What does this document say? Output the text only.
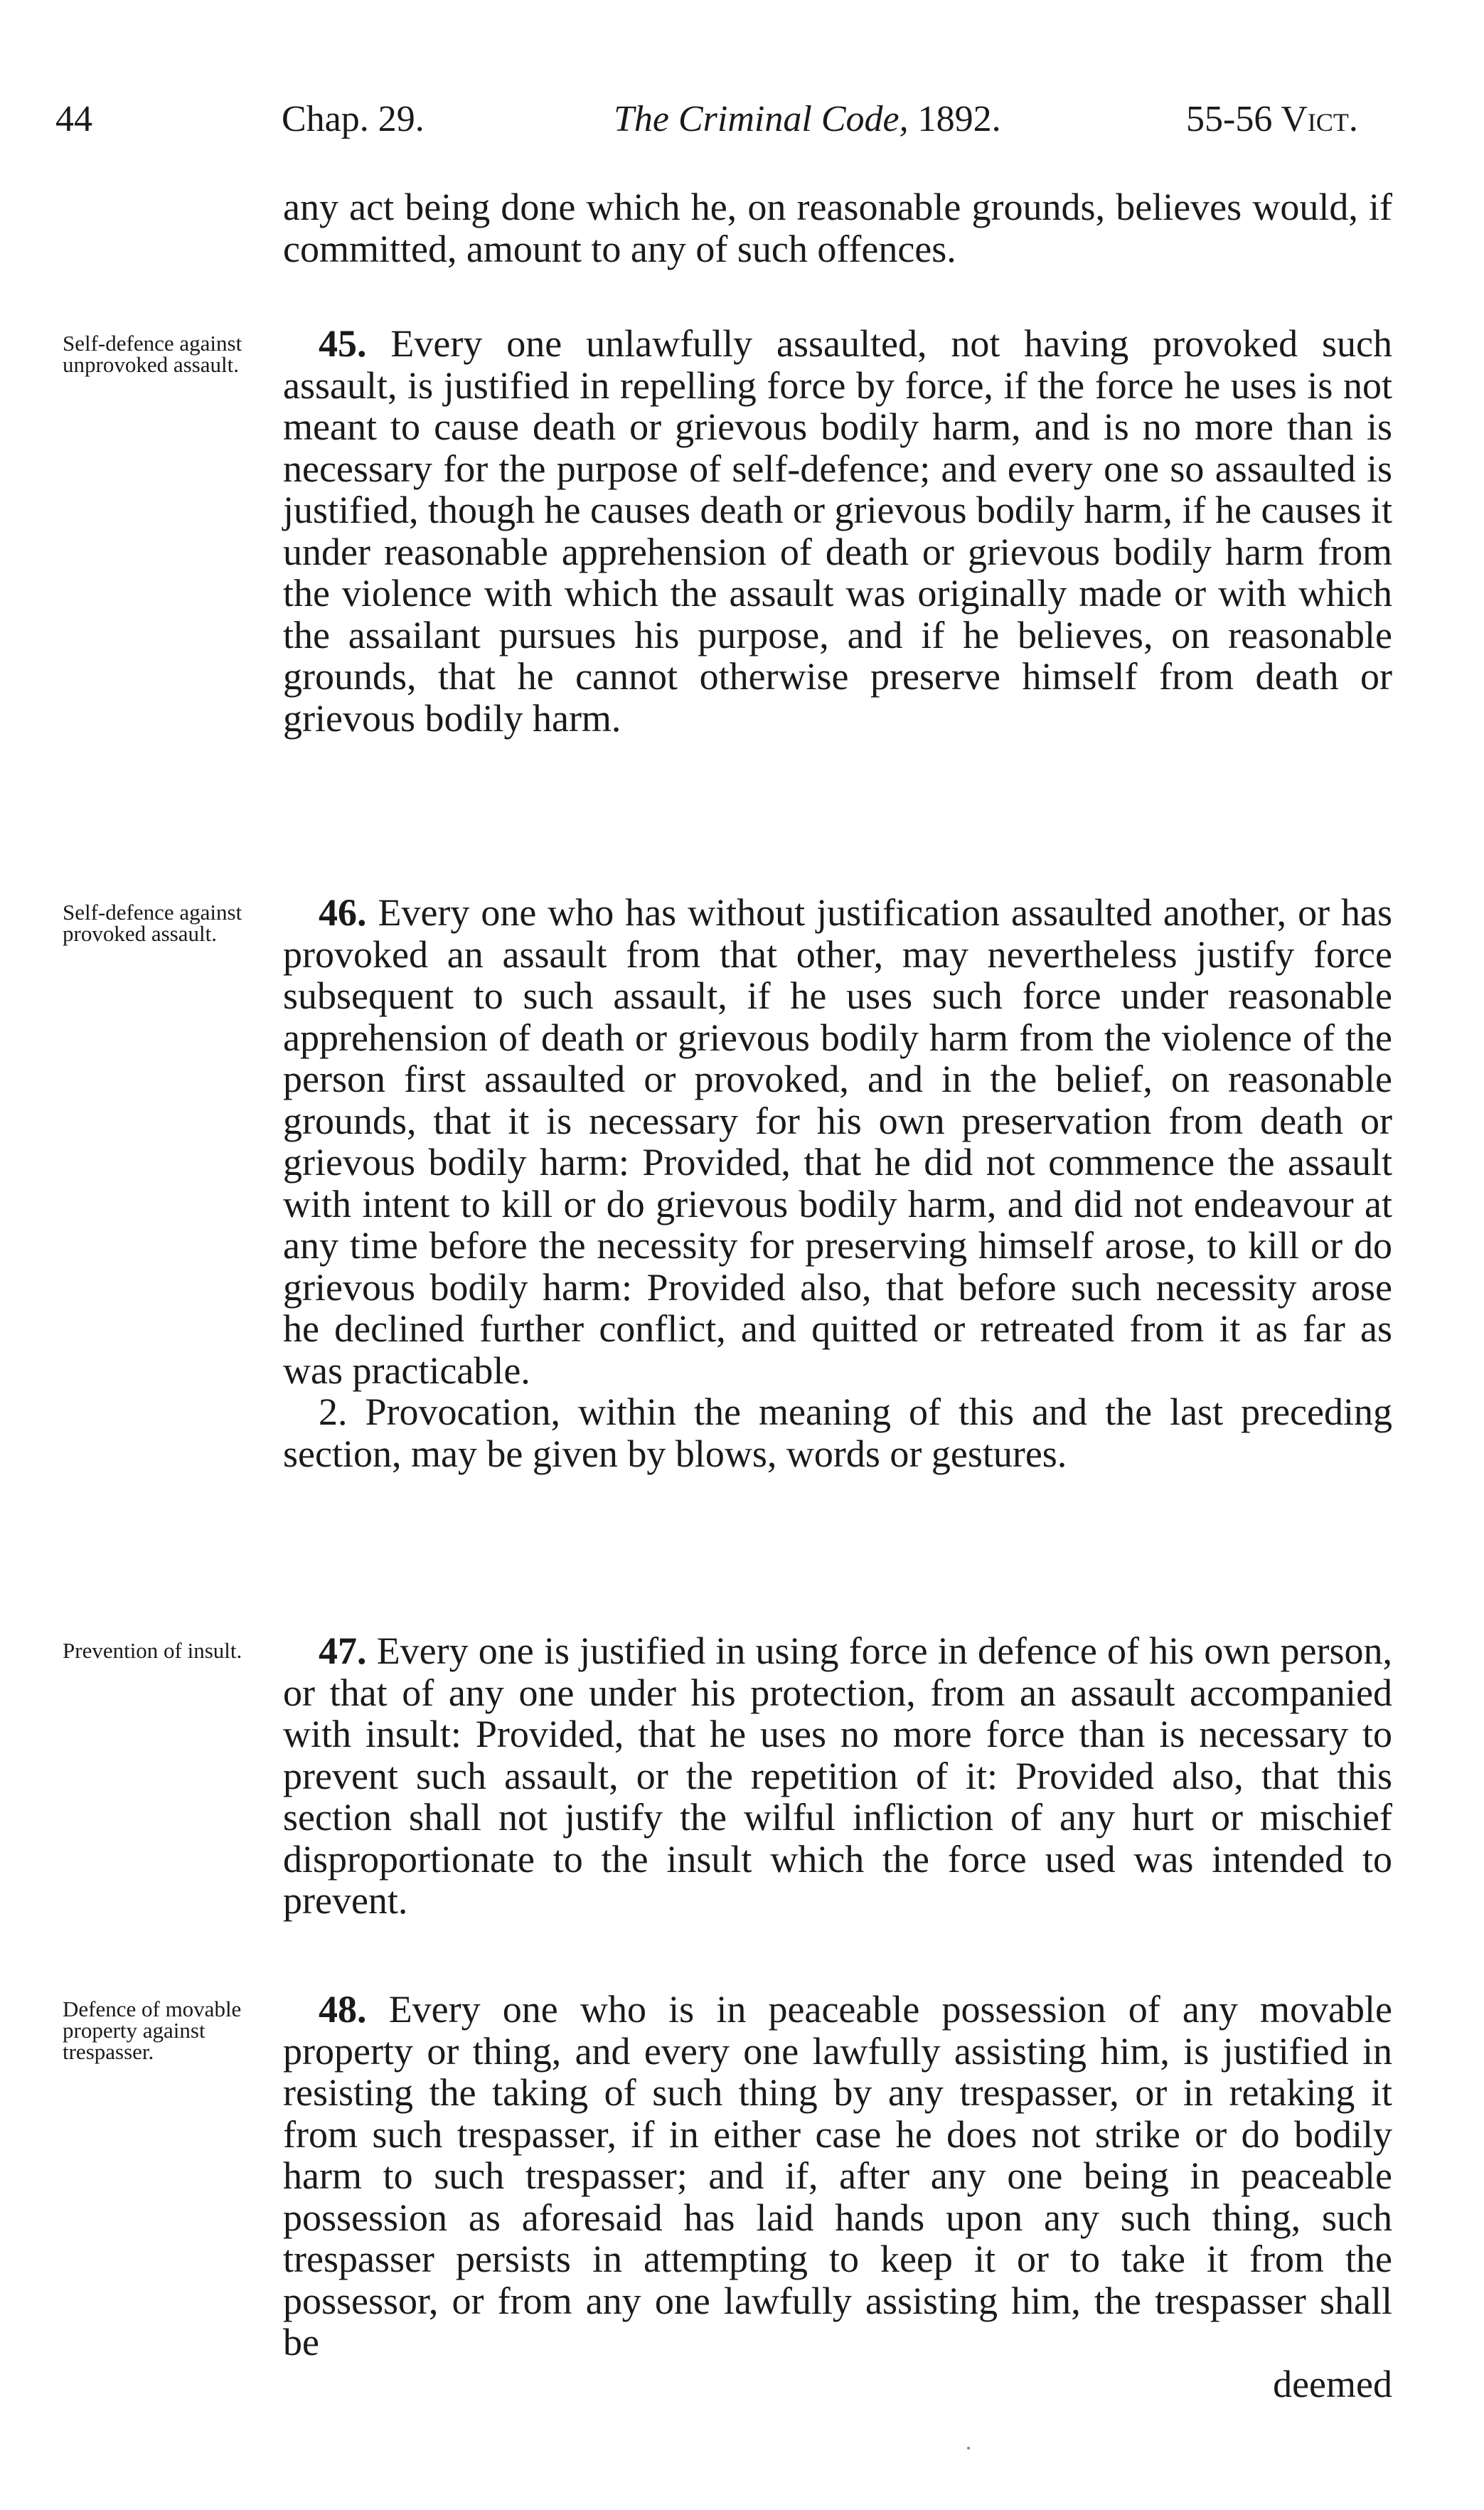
44	Chap. 29.	The Criminal Code, 1892.	55-56 Vict.

any act being done which he, on reasonable grounds, believes would, if committed, amount to any of such offences.

Self-defence against unprovoked assault.	45. Every one unlawfully assaulted, not having provoked such assault, is justified in repelling force by force, if the force he uses is not meant to cause death or grievous bodily harm, and is no more than is necessary for the purpose of self-defence; and every one so assaulted is justified, though he causes death or grievous bodily harm, if he causes it under reasonable apprehension of death or grievous bodily harm from the violence with which the assault was originally made or with which the assailant pursues his purpose, and if he believes, on reasonable grounds, that he cannot otherwise preserve himself from death or grievous bodily harm.

Self-defence against provoked assault.	46. Every one who has without justification assaulted another, or has provoked an assault from that other, may nevertheless justify force subsequent to such assault, if he uses such force under reasonable apprehension of death or grievous bodily harm from the violence of the person first assaulted or provoked, and in the belief, on reasonable grounds, that it is necessary for his own preservation from death or grievous bodily harm: Provided, that he did not commence the assault with intent to kill or do grievous bodily harm, and did not endeavour at any time before the necessity for preserving himself arose, to kill or do grievous bodily harm: Provided also, that before such necessity arose he declined further conflict, and quitted or retreated from it as far as was practicable.

2. Provocation, within the meaning of this and the last preceding section, may be given by blows, words or gestures.

Prevention of insult.	47. Every one is justified in using force in defence of his own person, or that of any one under his protection, from an assault accompanied with insult: Provided, that he uses no more force than is necessary to prevent such assault, or the repetition of it: Provided also, that this section shall not justify the wilful infliction of any hurt or mischief disproportionate to the insult which the force used was intended to prevent.

Defence of movable property against trespasser.

48. Every one who is in peaceable possession of any movable property or thing, and every one lawfully assisting him, is justified in resisting the taking of such thing by any trespasser, or in retaking it from such trespasser, if in either case he does not strike or do bodily harm to such trespasser; and if, after any one being in peaceable possession as aforesaid has laid hands upon any such thing, such trespasser persists in attempting to keep it or to take it from the possessor, or from any one lawfully assisting him, the trespasser shall be

deemed
